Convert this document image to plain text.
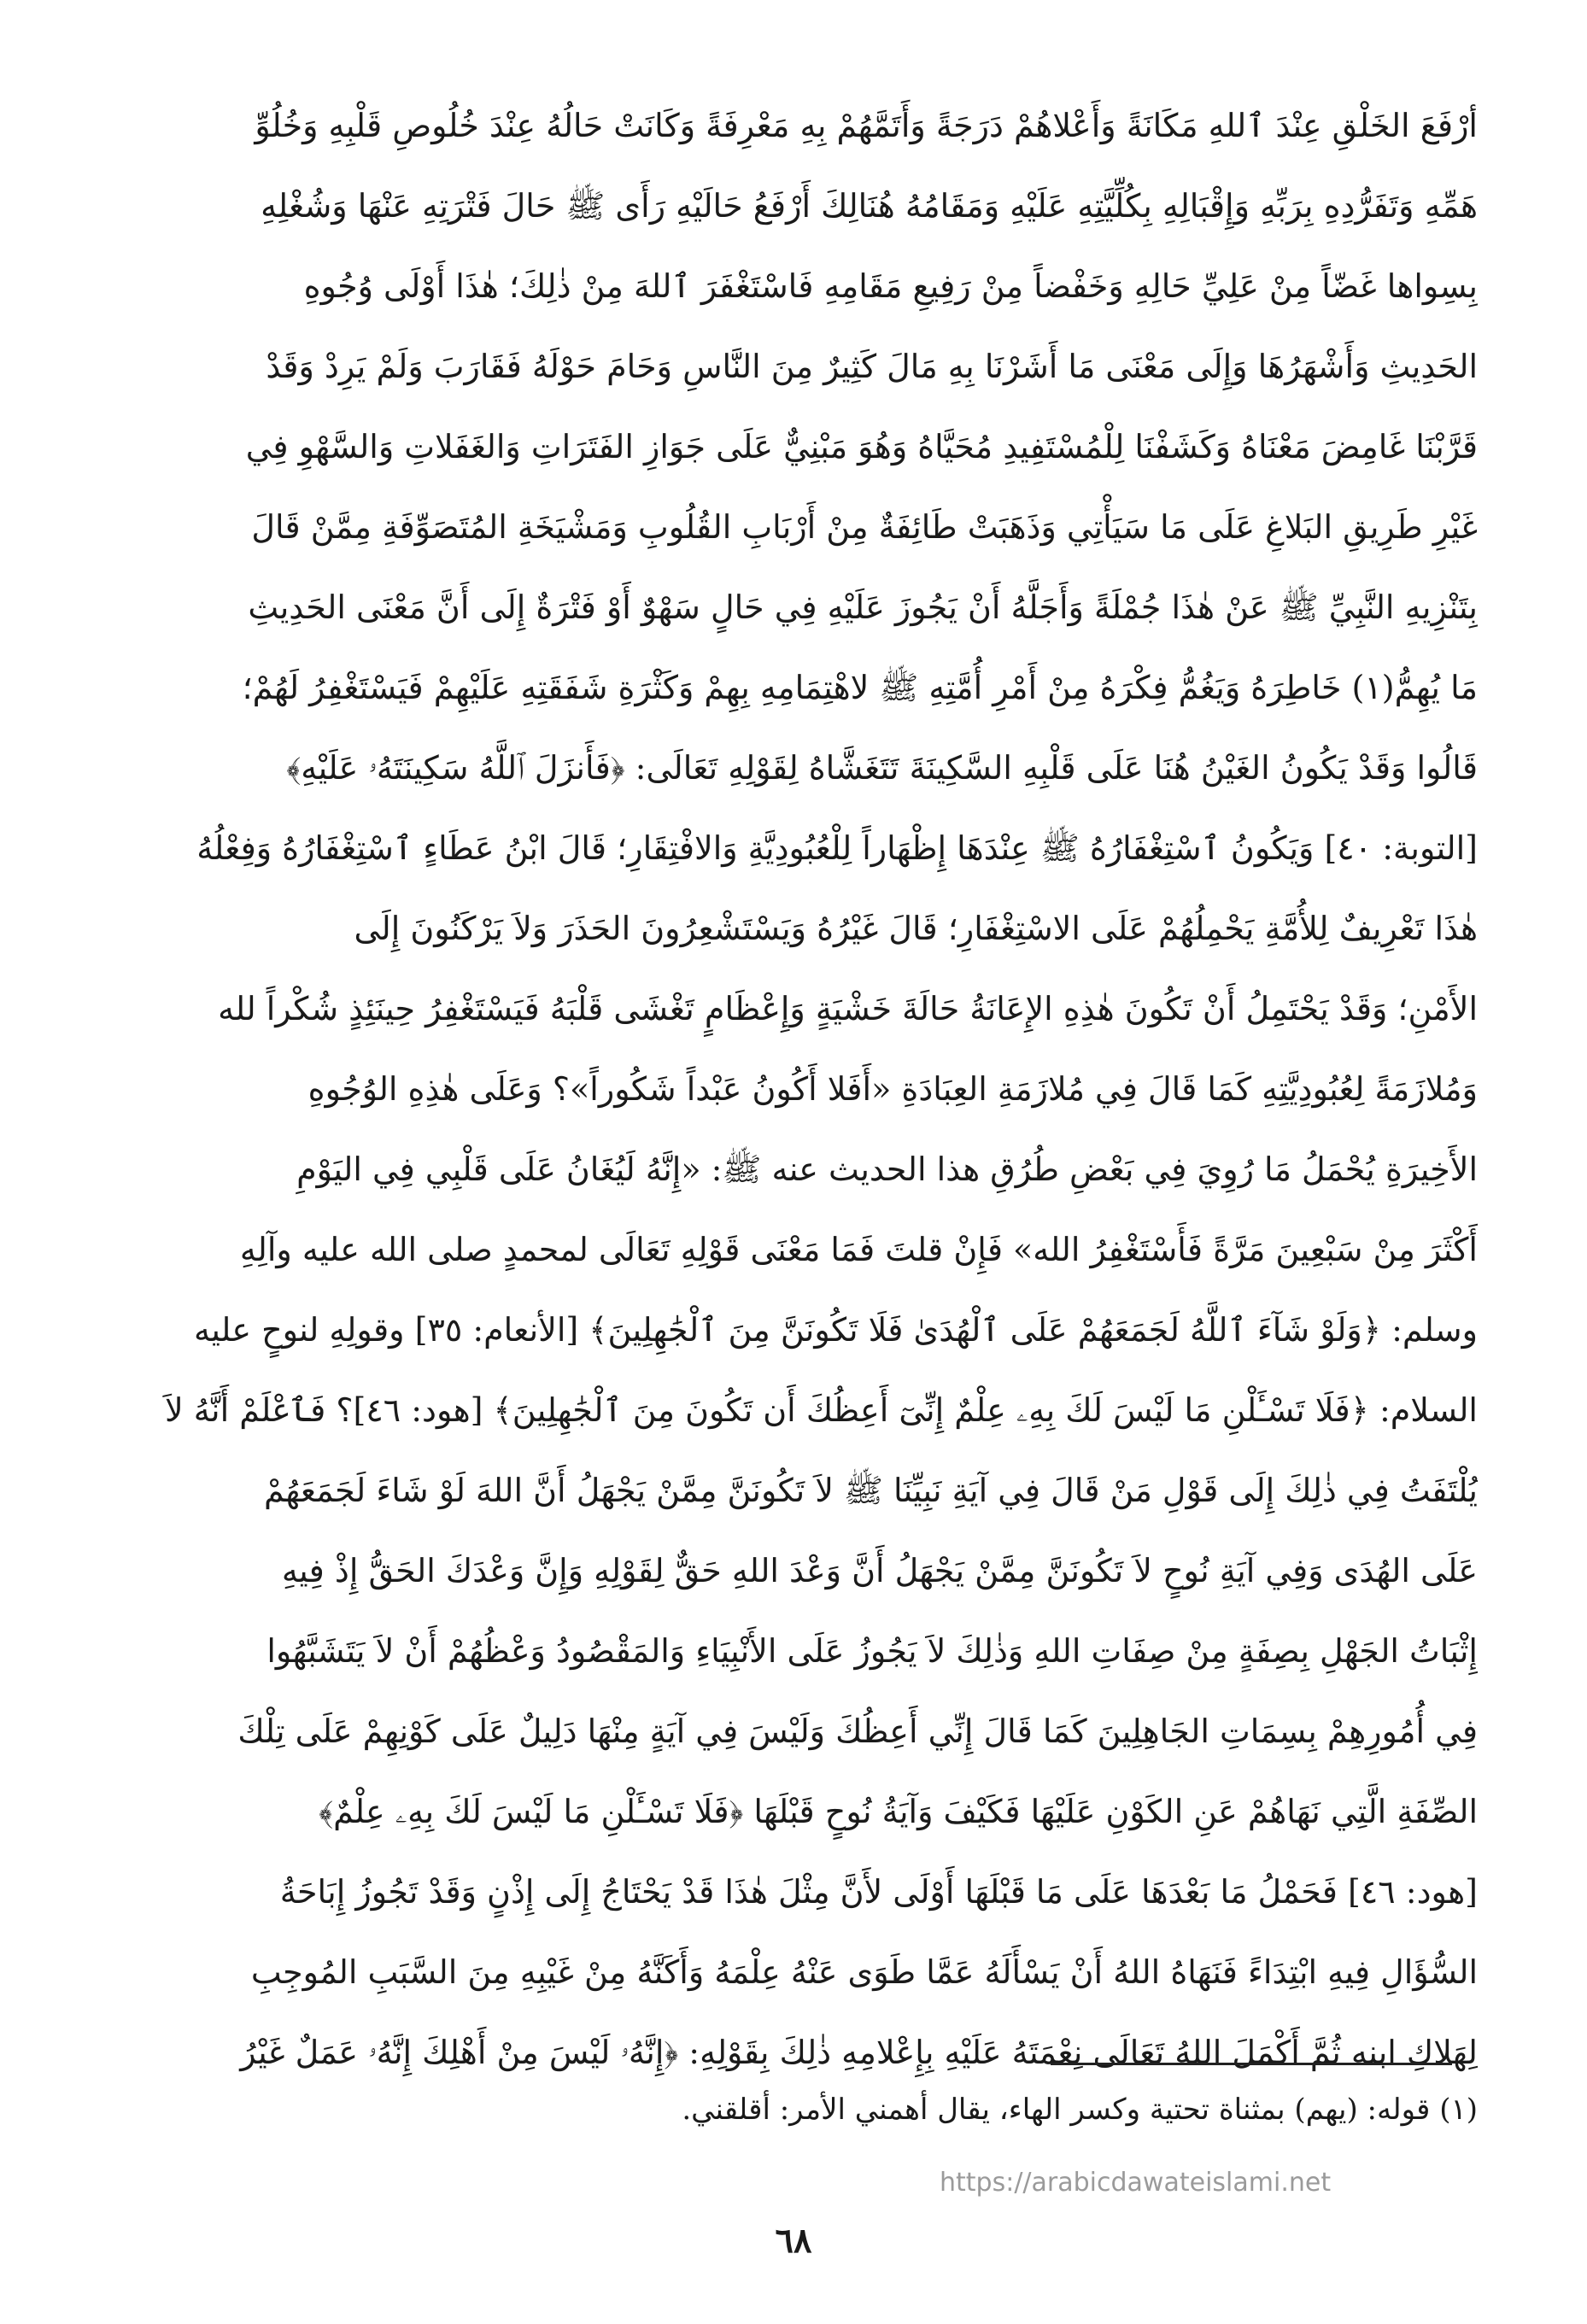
أرْفَعَ الخَلْقِ عِنْدَ ٱللهِ مَكَانَةً وَأَعْلاهُمْ دَرَجَةً وَأَتَمَّهُمْ بِهِ مَعْرِفَةً وَكَانَتْ حَالُهُ عِنْدَ خُلُوصِ قَلْبِهِ وَخُلُوِّ
هَمِّهِ وَتَفَرُّدِهِ بِرَبِّهِ وَإِقْبَالِهِ بِكُلِّيَّتِهِ عَلَيْهِ وَمَقَامُهُ هُنَالِكَ أَرْفَعُ حَالَيْهِ رَأَى ﷺ حَالَ فَتْرَتِهِ عَنْهَا وَشُغْلِهِ
بِسِواها غَضّاً مِنْ عَلِيِّ حَالِهِ وَخَفْضاً مِنْ رَفِيعِ مَقَامِهِ فَاسْتَغْفَرَ ٱللهَ مِنْ ذٰلِكَ؛ هٰذَا أَوْلَى وُجُوهِ
الحَدِيثِ وَأَشْهَرُهَا وَإِلَى مَعْنَى مَا أَشَرْنَا بِهِ مَالَ كَثِيرٌ مِنَ النَّاسِ وَحَامَ حَوْلَهُ فَقَارَبَ وَلَمْ يَرِدْ وَقَدْ
قَرَّبْنَا غَامِضَ مَعْنَاهُ وَكَشَفْنَا لِلْمُسْتَفِيدِ مُحَيَّاهُ وَهُوَ مَبْنِيٌّ عَلَى جَوَازِ الفَتَرَاتِ وَالغَفَلاتِ وَالسَّهْوِ فِي
غَيْرِ طَرِيقِ البَلاغِ عَلَى مَا سَيَأْتِي وَذَهَبَتْ طَائِفَةٌ مِنْ أَرْبَابِ القُلُوبِ وَمَشْيَخَةِ المُتَصَوِّفَةِ مِمَّنْ قَالَ
بِتَنْزِيهِ النَّبِيِّ ﷺ عَنْ هٰذَا جُمْلَةً وَأَجَلَّهُ أَنْ يَجُوزَ عَلَيْهِ فِي حَالٍ سَهْوٌ أَوْ فَتْرَةٌ إِلَى أَنَّ مَعْنَى الحَدِيثِ
مَا يُهِمُّ(١) خَاطِرَهُ وَيَغُمُّ فِكْرَهُ مِنْ أَمْرِ أُمَّتِهِ ﷺ لاهْتِمَامِهِ بِهِمْ وَكَثْرَةِ شَفَقَتِهِ عَلَيْهِمْ فَيَسْتَغْفِرُ لَهُمْ؛
قَالُوا وَقَدْ يَكُونُ الغَيْنُ هُنَا عَلَى قَلْبِهِ السَّكِينَةَ تَتَغَشَّاهُ لِقَوْلِهِ تَعَالَى: ﴿فَأَنزَلَ ٱللَّهُ سَكِينَتَهُۥ عَلَيْهِ﴾
[التوبة: ٤٠] وَيَكُونُ ٱسْتِغْفَارُهُ ﷺ عِنْدَهَا إِظْهَاراً لِلْعُبُودِيَّةِ وَالافْتِقَارِ؛ قَالَ ابْنُ عَطَاءٍ ٱسْتِغْفَارُهُ وَفِعْلُهُ
هٰذَا تَعْرِيفٌ لِلأُمَّةِ يَحْمِلُهُمْ عَلَى الاسْتِغْفَارِ؛ قَالَ غَيْرُهُ وَيَسْتَشْعِرُونَ الحَذَرَ وَلاَ يَرْكَنُونَ إِلَى
الأَمْنِ؛ وَقَدْ يَحْتَمِلُ أَنْ تَكُونَ هٰذِهِ الإِعَانَةُ حَالَةَ خَشْيَةٍ وَإِعْظَامٍ تَغْشَى قَلْبَهُ فَيَسْتَغْفِرُ حِينَئِذٍ شُكْراً لله
وَمُلازَمَةً لِعُبُودِيَّتِهِ كَمَا قَالَ فِي مُلازَمَةِ العِبَادَةِ «أَفَلا أَكُونُ عَبْداً شَكُوراً»؟ وَعَلَى هٰذِهِ الوُجُوهِ
الأَخِيرَةِ يُحْمَلُ مَا رُوِيَ فِي بَعْضِ طُرُقِ هذا الحديث عنه ﷺ: «إِنَّهُ لَيُغَانُ عَلَى قَلْبِي فِي اليَوْمِ
أَكْثَرَ مِنْ سَبْعِينَ مَرَّةً فَأَسْتَغْفِرُ الله» فَإِنْ قلتَ فَمَا مَعْنَى قَوْلِهِ تَعَالَى لمحمدٍ صلى الله عليه وآلِهِ
وسلم: ﴿وَلَوْ شَآءَ ٱللَّهُ لَجَمَعَهُمْ عَلَى ٱلْهُدَىٰ فَلَا تَكُونَنَّ مِنَ ٱلْجَٰهِلِينَ﴾ [الأنعام: ٣٥] وقولِهِ لنوحٍ عليه
السلام: ﴿فَلَا تَسْـَٔلْنِ مَا لَيْسَ لَكَ بِهِۦ عِلْمٌ إِنِّىٓ أَعِظُكَ أَن تَكُونَ مِنَ ٱلْجَٰهِلِينَ﴾ [هود: ٤٦]؟ فَٱعْلَمْ أَنَّهُ لاَ
يُلْتَفَتُ فِي ذٰلِكَ إِلَى قَوْلِ مَنْ قَالَ فِي آيَةِ نَبِيِّنَا ﷺ لاَ تَكُونَنَّ مِمَّنْ يَجْهَلُ أَنَّ اللهَ لَوْ شَاءَ لَجَمَعَهُمْ
عَلَى الهُدَى وَفِي آيَةِ نُوحٍ لاَ تَكُونَنَّ مِمَّنْ يَجْهَلُ أَنَّ وَعْدَ اللهِ حَقٌّ لِقَوْلِهِ وَإِنَّ وَعْدَكَ الحَقُّ إِذْ فِيهِ
إِثْبَاتُ الجَهْلِ بِصِفَةٍ مِنْ صِفَاتِ اللهِ وَذٰلِكَ لاَ يَجُوزُ عَلَى الأَنْبِيَاءِ وَالمَقْصُودُ وَعْظُهُمْ أَنْ لاَ يَتَشَبَّهُوا
فِي أُمُورِهِمْ بِسِمَاتِ الجَاهِلِينَ كَمَا قَالَ إِنِّي أَعِظُكَ وَلَيْسَ فِي آيَةٍ مِنْهَا دَلِيلٌ عَلَى كَوْنِهِمْ عَلَى تِلْكَ
الصِّفَةِ الَّتِي نَهَاهُمْ عَنِ الكَوْنِ عَلَيْهَا فَكَيْفَ وَآيَةُ نُوحٍ قَبْلَهَا ﴿فَلَا تَسْـَٔلْنِ مَا لَيْسَ لَكَ بِهِۦ عِلْمٌ﴾
[هود: ٤٦] فَحَمْلُ مَا بَعْدَهَا عَلَى مَا قَبْلَهَا أَوْلَى لأَنَّ مِثْلَ هٰذَا قَدْ يَحْتَاجُ إِلَى إِذْنٍ وَقَدْ تَجُوزُ إِبَاحَةُ
السُّؤَالِ فِيهِ ابْتِدَاءً فَنَهَاهُ اللهُ أَنْ يَسْأَلَهُ عَمَّا طَوَى عَنْهُ عِلْمَهُ وَأَكَنَّهُ مِنْ غَيْبِهِ مِنَ السَّبَبِ المُوجِبِ
لِهَلاكِ ابنه ثُمَّ أَكْمَلَ اللهُ تَعَالَى نِعْمَتَهُ عَلَيْهِ بِإِعْلامِهِ ذٰلِكَ بِقَوْلِهِ: ﴿إِنَّهُۥ لَيْسَ مِنْ أَهْلِكَ إِنَّهُۥ عَمَلٌ غَيْرُ
(١) قوله: (يهم) بمثناة تحتية وكسر الهاء، يقال أهمني الأمر: أقلقني.
https://arabicdawateislami.net
٦٨
